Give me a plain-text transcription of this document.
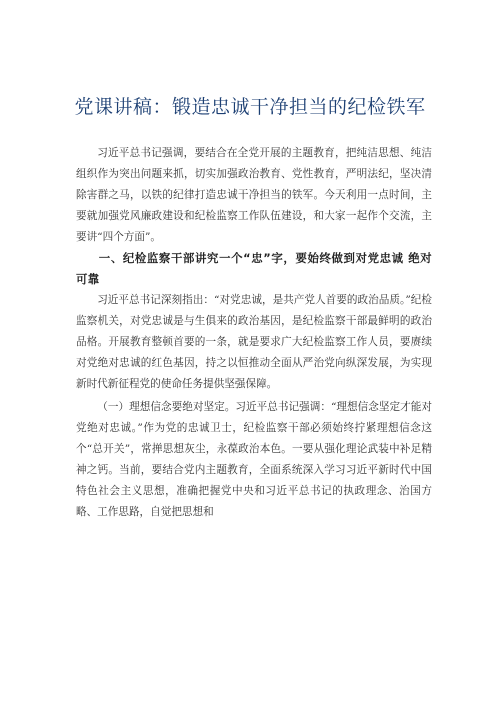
党课讲稿：锻造忠诚干净担当的纪检铁军

习近平总书记强调，要结合在全党开展的主题教育，把纯洁思想、纯洁组织作为突出问题来抓，切实加强政治教育、党性教育，严明法纪，坚决清除害群之马，以铁的纪律打造忠诚干净担当的铁军。今天利用一点时间，主要就加强党风廉政建设和纪检监察工作队伍建设，和大家一起作个交流，主要讲“四个方面”。

一、纪检监察干部讲究一个“忠”字，要始终做到对党忠诚 绝对可靠

习近平总书记深刻指出：“对党忠诚，是共产党人首要的政治品质。”纪检监察机关，对党忠诚是与生俱来的政治基因，是纪检监察干部最鲜明的政治品格。开展教育整顿首要的一条，就是要求广大纪检监察工作人员，要赓续对党绝对忠诚的红色基因，持之以恒推动全面从严治党向纵深发展，为实现新时代新征程党的使命任务提供坚强保障。

（一）理想信念要绝对坚定。习近平总书记强调：“理想信念坚定才能对党绝对忠诚。”作为党的忠诚卫士，纪检监察干部必须始终拧紧理想信念这个“总开关”，常掸思想灰尘，永葆政治本色。一要从强化理论武装中补足精神之钙。当前，要结合党内主题教育，全面系统深入学习习近平新时代中国特色社会主义思想，准确把握党中央和习近平总书记的执政理念、治国方略、工作思路，自觉把思想和
